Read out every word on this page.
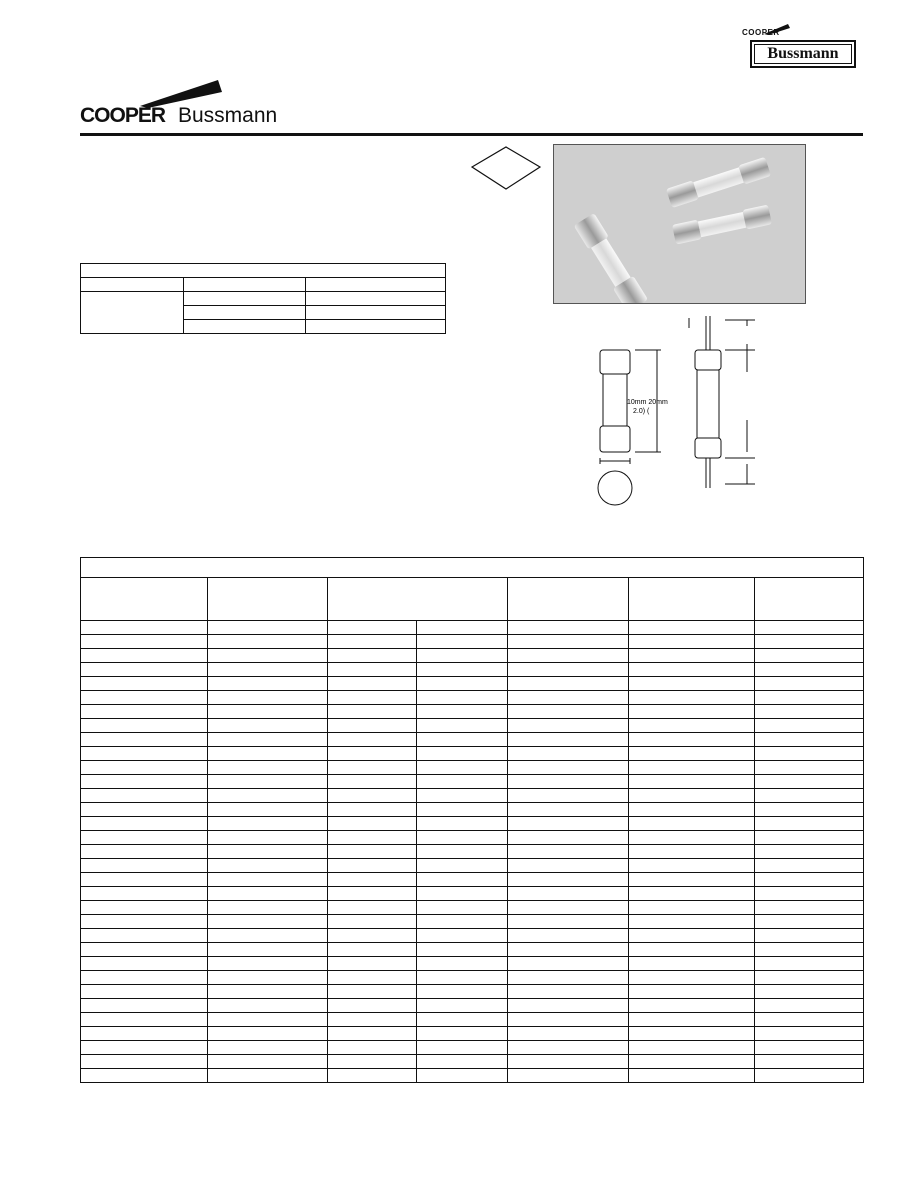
COOPER
Bussmann
COOPER Bussmann

10mm 20mm
2.0) (
